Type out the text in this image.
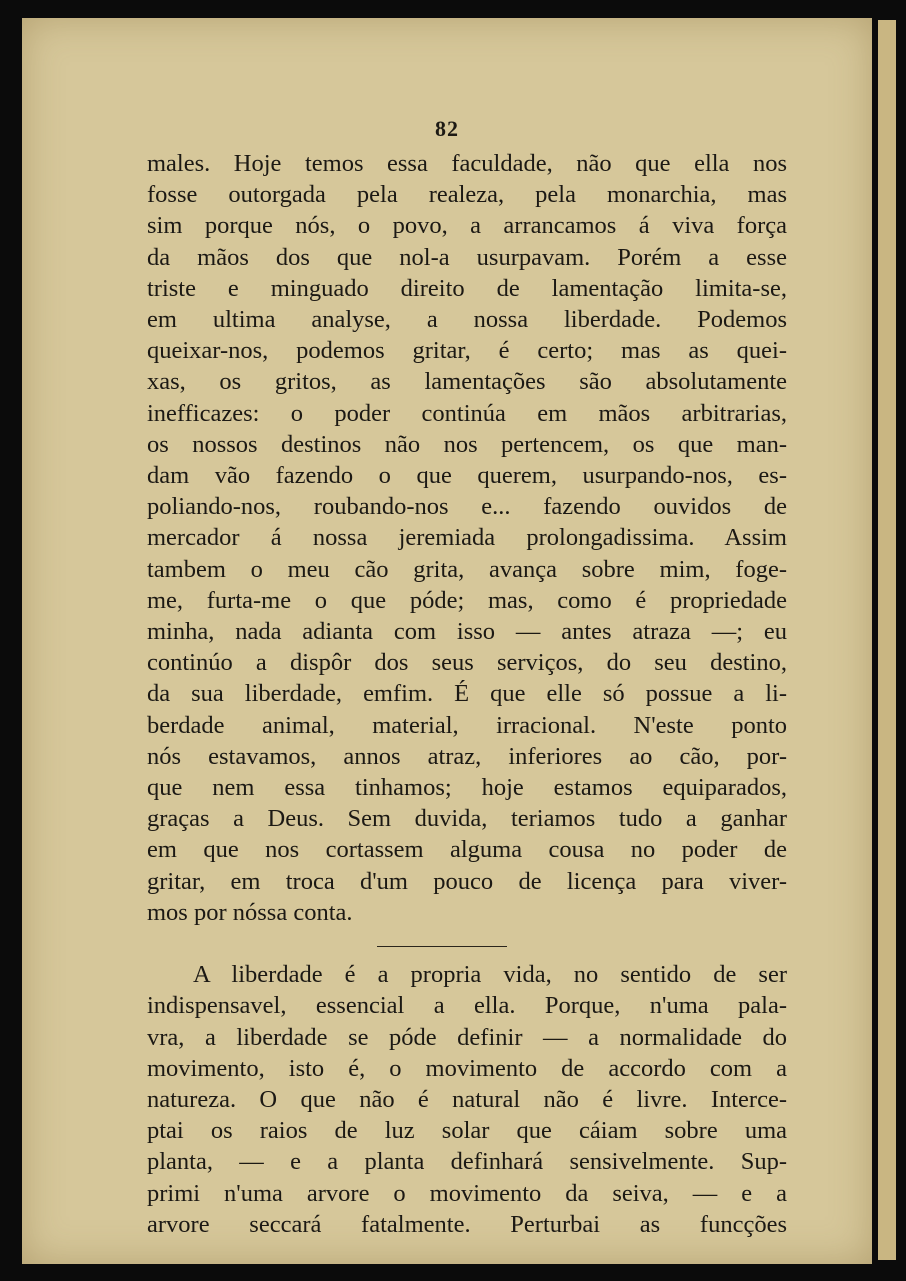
82
males. Hoje temos essa faculdade, não que ella nos
fosse outorgada pela realeza, pela monarchia, mas
sim porque nós, o povo, a arrancamos á viva força
da mãos dos que nol-a usurpavam. Porém a esse
triste e minguado direito de lamentação limita-se,
em ultima analyse, a nossa liberdade. Podemos
queixar-nos, podemos gritar, é certo; mas as quei-
xas, os gritos, as lamentações são absolutamente
inefficazes: o poder continúa em mãos arbitrarias,
os nossos destinos não nos pertencem, os que man-
dam vão fazendo o que querem, usurpando-nos, es-
poliando-nos, roubando-nos e... fazendo ouvidos de
mercador á nossa jeremiada prolongadissima. Assim
tambem o meu cão grita, avança sobre mim, foge-
me, furta-me o que póde; mas, como é propriedade
minha, nada adianta com isso — antes atraza —; eu
continúo a dispôr dos seus serviços, do seu destino,
da sua liberdade, emfim. É que elle só possue a li-
berdade animal, material, irracional. N'este ponto
nós estavamos, annos atraz, inferiores ao cão, por-
que nem essa tinhamos; hoje estamos equiparados,
graças a Deus. Sem duvida, teriamos tudo a ganhar
em que nos cortassem alguma cousa no poder de
gritar, em troca d'um pouco de licença para viver-
mos por nóssa conta.
A liberdade é a propria vida, no sentido de ser
indispensavel, essencial a ella. Porque, n'uma pala-
vra, a liberdade se póde definir — a normalidade do
movimento, isto é, o movimento de accordo com a
natureza. O que não é natural não é livre. Interce-
ptai os raios de luz solar que cáiam sobre uma
planta, — e a planta definhará sensivelmente. Sup-
primi n'uma arvore o movimento da seiva, — e a
arvore seccará fatalmente. Perturbai as funcções
